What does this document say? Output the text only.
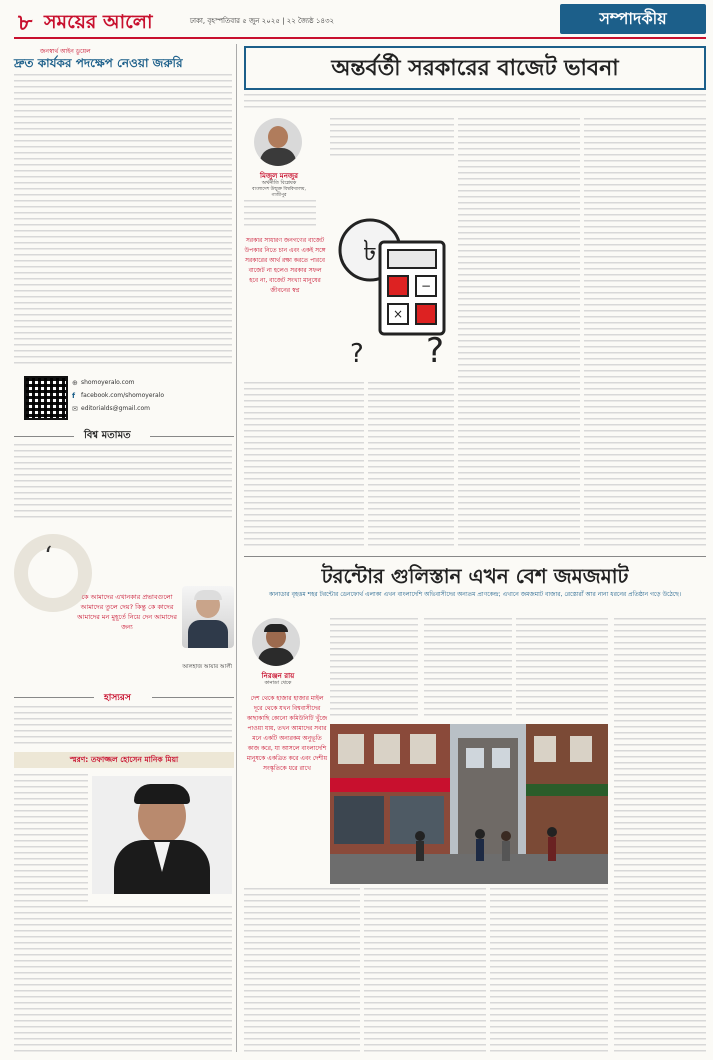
৮ সময়ের আলো	ঢাকা, বৃহস্পতিবার ৫ জুন ২০২৫ | ২২ জ্যৈষ্ঠ ১৪৩২	সম্পাদকীয়
জনস্বার্থ আইন ডুয়েল
দ্রুত কার্যকর পদক্ষেপ নেওয়া জরুরি
⊕ shomoyeralo.com
f facebook.com/shomoyeralo
✉ editorialds@gmail.com
বিশ্ব মতামত
‘
কে আমাদের এখানকার প্রভাবগুলো আমাদের তুলে দেয়? কিন্তু কে কাদের আমাদের মন মুহূর্তে নিয়ে দেন আমাদের জন্য
আলহাজ আয়ার আলী
হাস্যরস
স্মরণ: তফাজ্জল হোসেন মানিক মিয়া
অন্তর্বর্তী সরকারের বাজেট ভাবনা
মিজুল মনজুর
অর্থনীতি বিশ্লেষক
বাংলাদেশ উন্মুক্ত বিশ্ববিদ্যালয়, গাজীপুর
সরকার সাধারণ জনগণের বাজেট উপকার নিতে চান এবং একই সঙ্গে সরকারের আর্থ রক্ষা করতে পারবে বাজেট না হলেও সরকার সফল হবে না, বাজেট সংখ্যা মানুষের জীবনের স্বপ্ন
৳
−
×
?
?
টরন্টোর গুলিস্তান এখন বেশ জমজমাট
কানাডার বৃহত্তম শহর টরন্টোর ডেনফোর্থ এলাকা এখন বাংলাদেশি অভিবাসীদের অন্যতম প্রাণকেন্দ্র; এখানে জমজমাট বাজার, রেস্তোরাঁ আর নানা ধরনের প্রতিষ্ঠান গড়ে উঠেছে।
নিরঞ্জন রায়
কানাডা থেকে
দেশ থেকে হাজার হাজার মাইল দূরে থেকে যখন বিশ্ববাসীদের কাছাকাছি কোনো কমিউনিটি খুঁজে পাওয়া যায়, তখন আমাদের সবার মনে একটি অন্যরকম অনুভূতি কাজ করে, যা আসলে বাংলাদেশি মানুষকে একত্রিত করে এবং দেশীয় সংস্কৃতিকে ধরে রাখে
